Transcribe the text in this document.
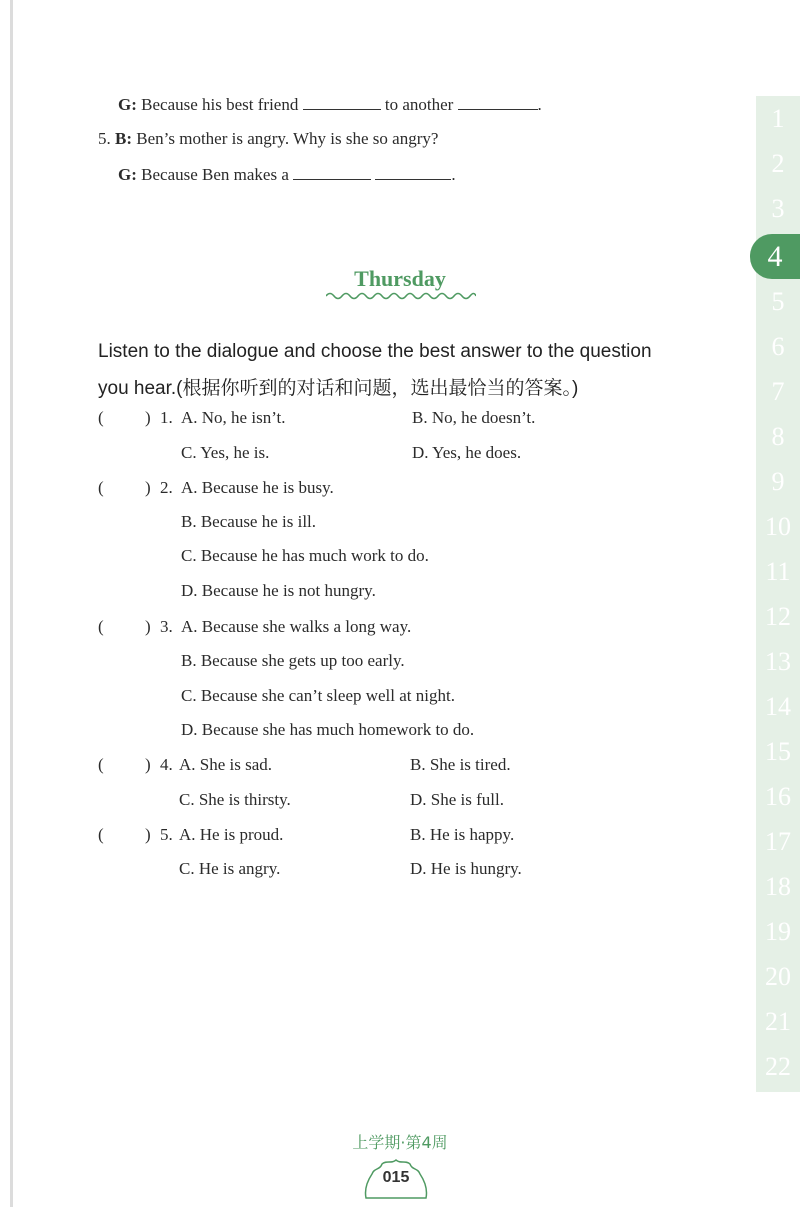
G: Because his best friend	to another	.
5. B: Ben’s mother is angry. Why is she so angry?
G: Because Ben makes a	.
Thursday
Listen to the dialogue and choose the best answer to the question
you hear.(根据你听到的对话和问题，选出最恰当的答案。)
( ) 1. A. No, he isn’t.	B. No, he doesn’t.
C. Yes, he is.	D. Yes, he does.
( ) 2. A. Because he is busy.
B. Because he is ill.
C. Because he has much work to do.
D. Because he is not hungry.
( ) 3. A. Because she walks a long way.
B. Because she gets up too early.
C. Because she can’t sleep well at night.
D. Because she has much homework to do.
( ) 4. A. She is sad.	B. She is tired.
C. She is thirsty.	D. She is full.
( ) 5. A. He is proud.	B. He is happy.
C. He is angry.	D. He is hungry.
1
2
3
4
5
6
7
8
9
10
11
12
13
14
15
16
17
18
19
20
21
22
上学期·第4周
015
